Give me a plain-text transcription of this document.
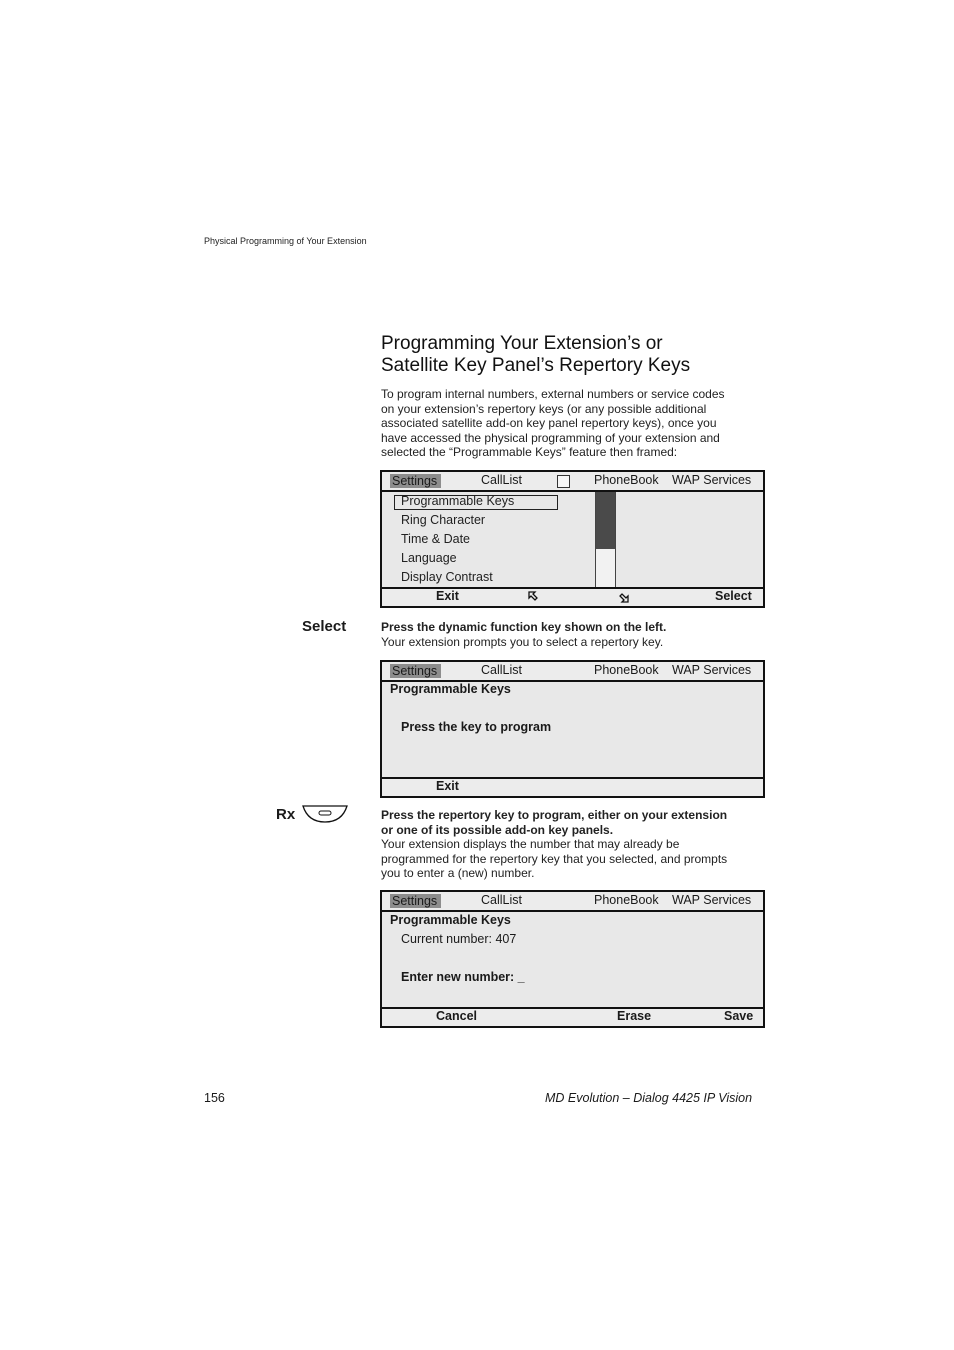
Physical Programming of Your Extension
Programming Your Extension’s or
Satellite Key Panel’s Repertory Keys
To program internal numbers, external numbers or service codes
on your extension’s repertory keys (or any possible additional
associated satellite add-on key panel repertory keys), once you
have accessed the physical programming of your extension and
selected the “Programmable Keys” feature then framed:
Settings	CallList	PhoneBook WAP Services
Programmable Keys
Ring Character
Time & Date
Language
Display Contrast
Exit	Select
Select	Press the dynamic function key shown on the left.
Your extension prompts you to select a repertory key.
Settings	CallList	PhoneBook WAP Services
Programmable Keys
Press the key to program
Exit
Rx	Press the repertory key to program, either on your extension
or one of its possible add-on key panels.
Your extension displays the number that may already be
programmed for the repertory key that you selected, and prompts
you to enter a (new) number.
Settings	CallList	PhoneBook WAP Services
Programmable Keys
Current number: 407
Enter new number: _
Cancel	Erase	Save
156	MD Evolution – Dialog 4425 IP Vision
